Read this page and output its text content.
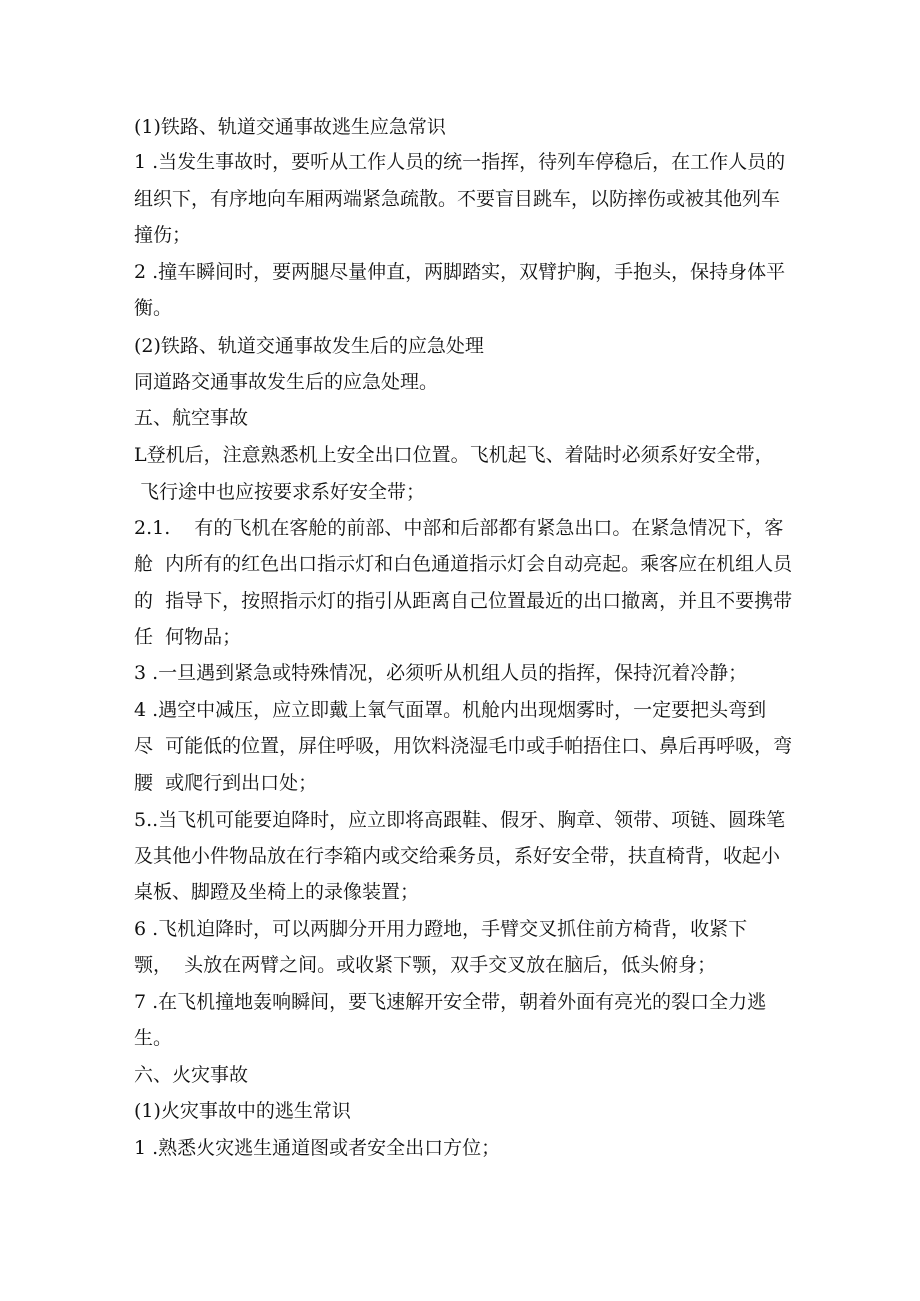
(1)铁路、轨道交通事故逃生应急常识
1 .当发生事故时，要听从工作人员的统一指挥，待列车停稳后，在工作人员的
组织下，有序地向车厢两端紧急疏散。不要盲目跳车，以防摔伤或被其他列车
撞伤；
2 .撞车瞬间时，要两腿尽量伸直，两脚踏实，双臂护胸，手抱头，保持身体平
衡。
(2)铁路、轨道交通事故发生后的应急处理
同道路交通事故发生后的应急处理。
五、航空事故
L登机后，注意熟悉机上安全出口位置。飞机起飞、着陆时必须系好安全带，
飞行途中也应按要求系好安全带；
2.1.    有的飞机在客舱的前部、中部和后部都有紧急出口。在紧急情况下，客
舱  内所有的红色出口指示灯和白色通道指示灯会自动亮起。乘客应在机组人员
的  指导下，按照指示灯的指引从距离自己位置最近的出口撤离，并且不要携带
任  何物品；
3 .一旦遇到紧急或特殊情况，必须听从机组人员的指挥，保持沉着冷静；
4 .遇空中减压，应立即戴上氧气面罩。机舱内出现烟雾时，一定要把头弯到
尽  可能低的位置，屏住呼吸，用饮料浇湿毛巾或手帕捂住口、鼻后再呼吸，弯
腰  或爬行到出口处；
5..当飞机可能要迫降时，应立即将高跟鞋、假牙、胸章、领带、项链、圆珠笔
及其他小件物品放在行李箱内或交给乘务员，系好安全带，扶直椅背，收起小
桌板、脚蹬及坐椅上的录像装置；
6 .飞机迫降时，可以两脚分开用力蹬地，手臂交叉抓住前方椅背，收紧下
颚，  头放在两臂之间。或收紧下颚，双手交叉放在脑后，低头俯身；
7 .在飞机撞地轰响瞬间，要飞速解开安全带，朝着外面有亮光的裂口全力逃
生。
六、火灾事故
(1)火灾事故中的逃生常识
1 .熟悉火灾逃生通道图或者安全出口方位；
